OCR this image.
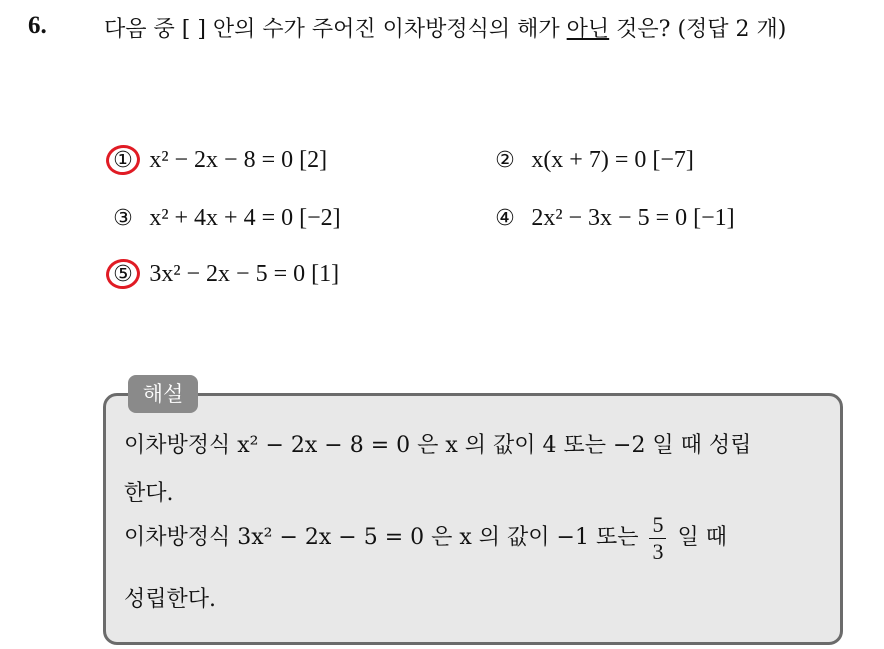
6.	다음 중 [ ] 안의 수가 주어진 이차방정식의 해가 아닌 것은? (정답 2 개)
① x² − 2x − 8 = 0 [2]	② x(x + 7) = 0 [−7]
③ x² + 4x + 4 = 0 [−2]	④ 2x² − 3x − 5 = 0 [−1]
⑤ 3x² − 2x − 5 = 0 [1]
해설
이차방정식 x² − 2x − 8 = 0 은 x 의 값이 4 또는 −2 일 때 성립
한다.
이차방정식 3x² − 2x − 5 = 0 은 x 의 값이 −1 또는 $\frac{5}{3}$ 일 때
성립한다.
